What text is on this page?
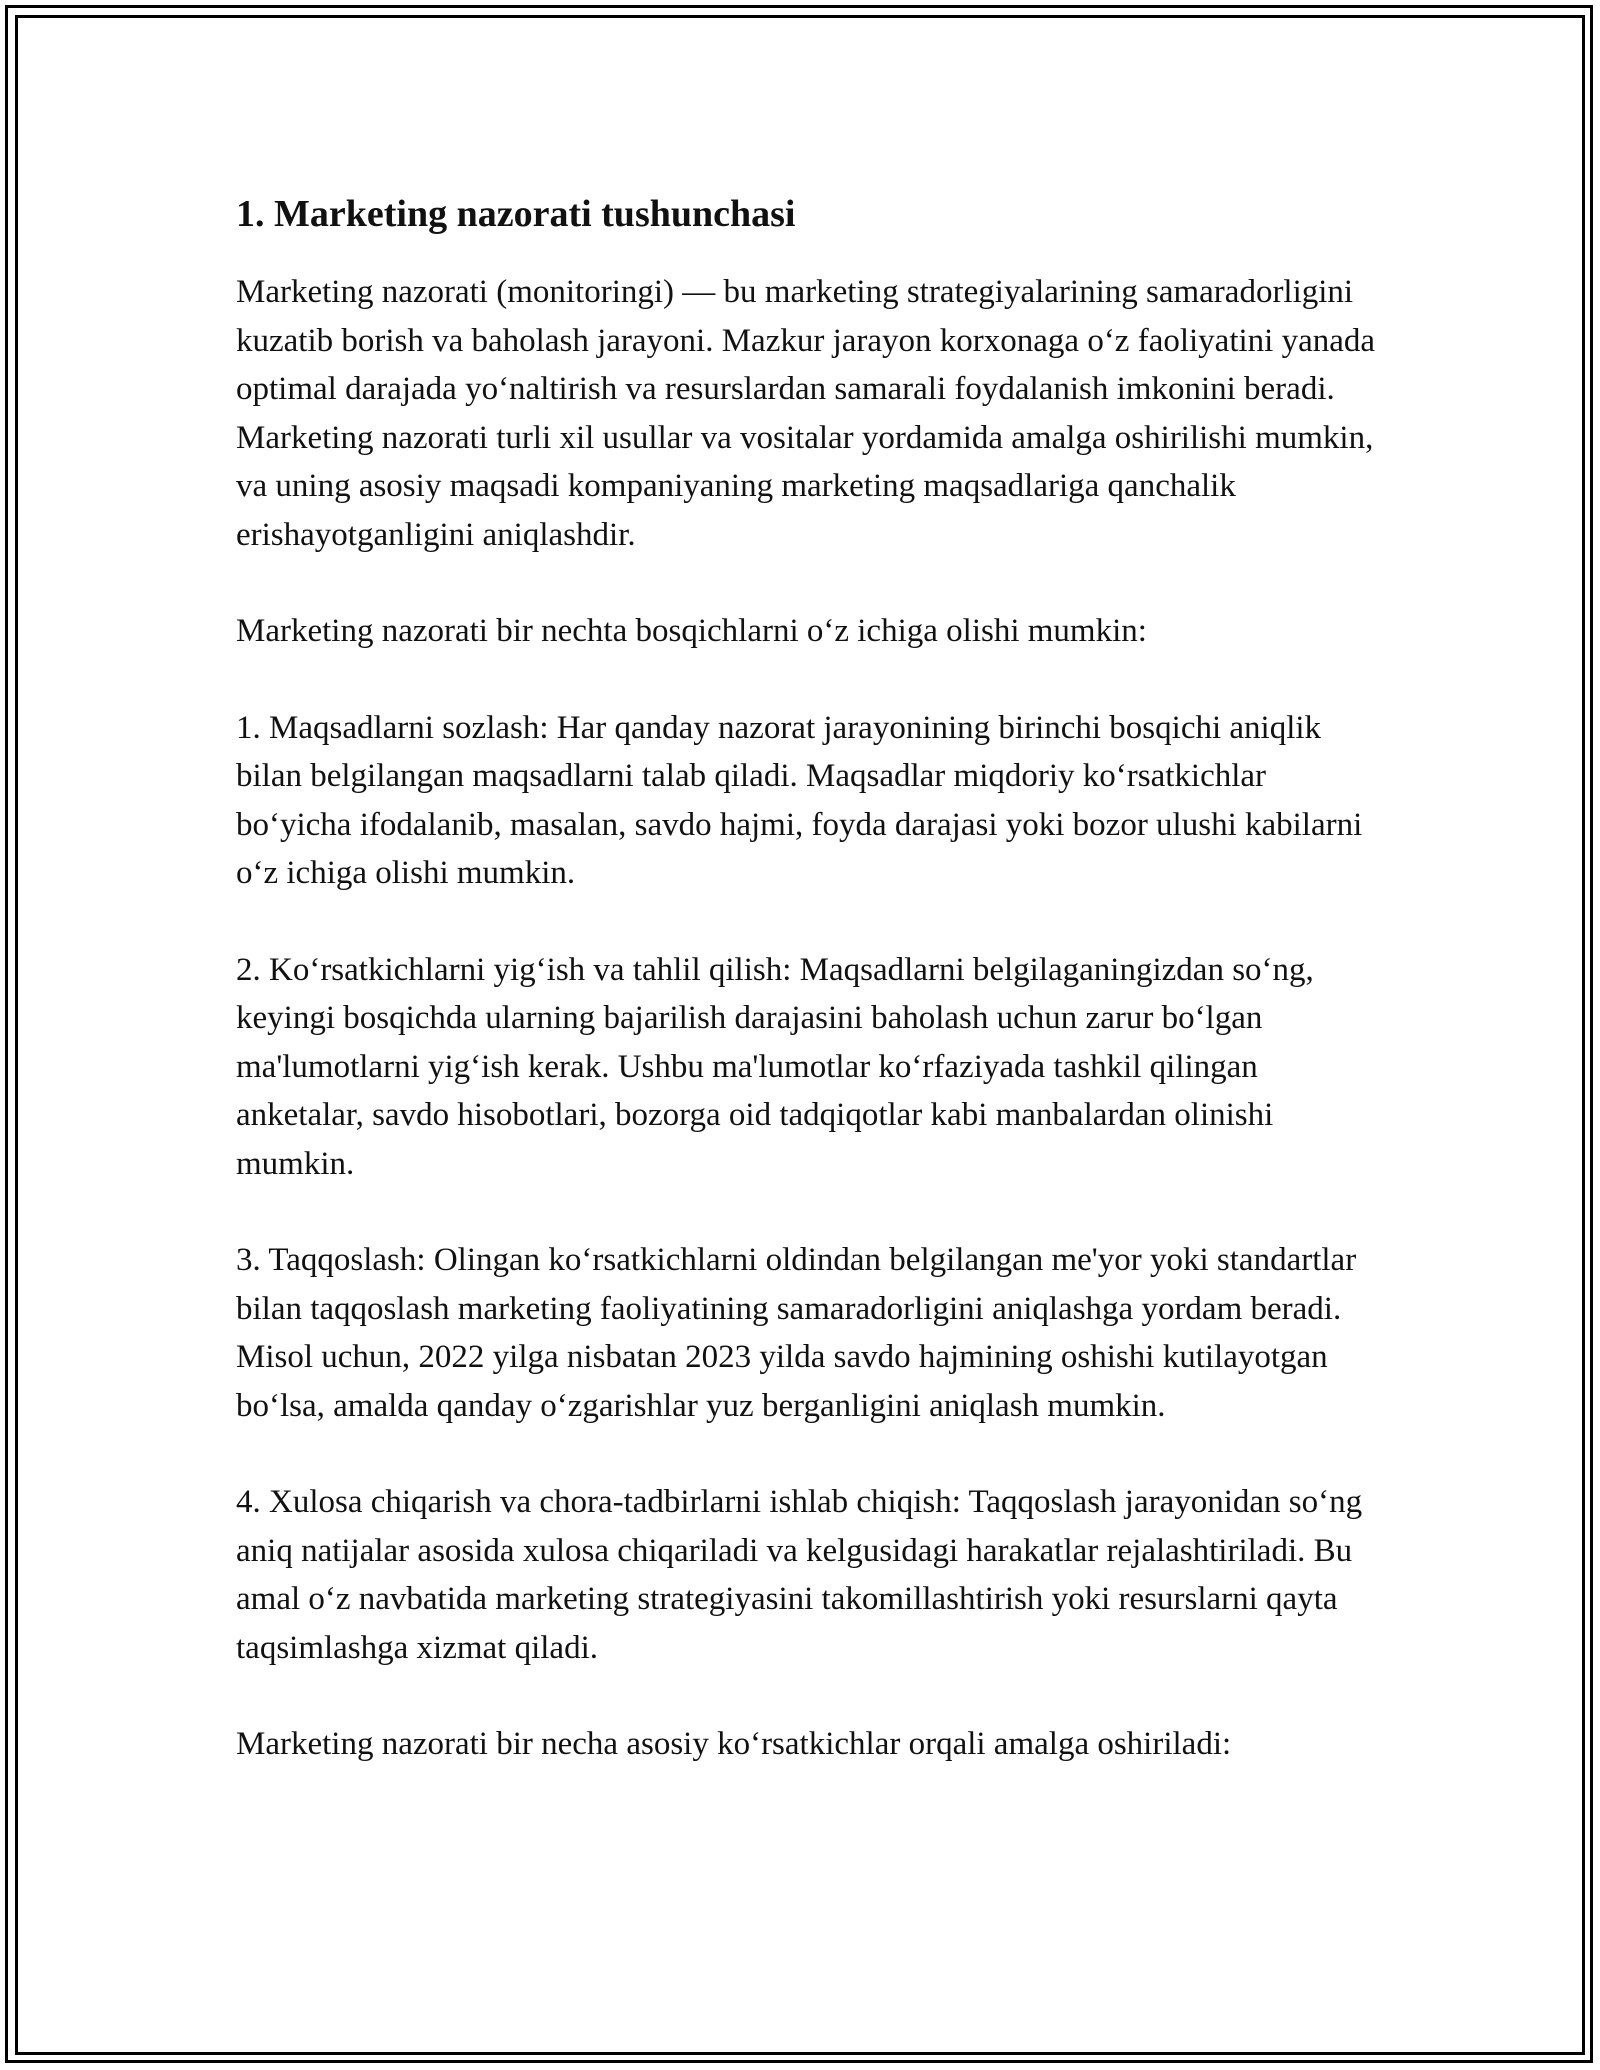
1. Marketing nazorati tushunchasi

Marketing nazorati (monitoringi) — bu marketing strategiyalarining samaradorligini kuzatib borish va baholash jarayoni. Mazkur jarayon korxonaga o‘z faoliyatini yanada optimal darajada yo‘naltirish va resurslardan samarali foydalanish imkonini beradi. Marketing nazorati turli xil usullar va vositalar yordamida amalga oshirilishi mumkin, va uning asosiy maqsadi kompaniyaning marketing maqsadlariga qanchalik erishayotganligini aniqlashdir.

Marketing nazorati bir nechta bosqichlarni o‘z ichiga olishi mumkin:

1. Maqsadlarni sozlash: Har qanday nazorat jarayonining birinchi bosqichi aniqlik bilan belgilangan maqsadlarni talab qiladi. Maqsadlar miqdoriy ko‘rsatkichlar bo‘yicha ifodalanib, masalan, savdo hajmi, foyda darajasi yoki bozor ulushi kabilarni o‘z ichiga olishi mumkin.

2. Ko‘rsatkichlarni yig‘ish va tahlil qilish: Maqsadlarni belgilaganingizdan so‘ng, keyingi bosqichda ularning bajarilish darajasini baholash uchun zarur bo‘lgan ma'lumotlarni yig‘ish kerak. Ushbu ma'lumotlar ko‘rfaziyada tashkil qilingan anketalar, savdo hisobotlari, bozorga oid tadqiqotlar kabi manbalardan olinishi mumkin.

3. Taqqoslash: Olingan ko‘rsatkichlarni oldindan belgilangan me'yor yoki standartlar bilan taqqoslash marketing faoliyatining samaradorligini aniqlashga yordam beradi. Misol uchun, 2022 yilga nisbatan 2023 yilda savdo hajmining oshishi kutilayotgan bo‘lsa, amalda qanday o‘zgarishlar yuz berganligini aniqlash mumkin.

4. Xulosa chiqarish va chora-tadbirlarni ishlab chiqish: Taqqoslash jarayonidan so‘ng aniq natijalar asosida xulosa chiqariladi va kelgusidagi harakatlar rejalashtiriladi. Bu amal o‘z navbatida marketing strategiyasini takomillashtirish yoki resurslarni qayta taqsimlashga xizmat qiladi.

Marketing nazorati bir necha asosiy ko‘rsatkichlar orqali amalga oshiriladi:
